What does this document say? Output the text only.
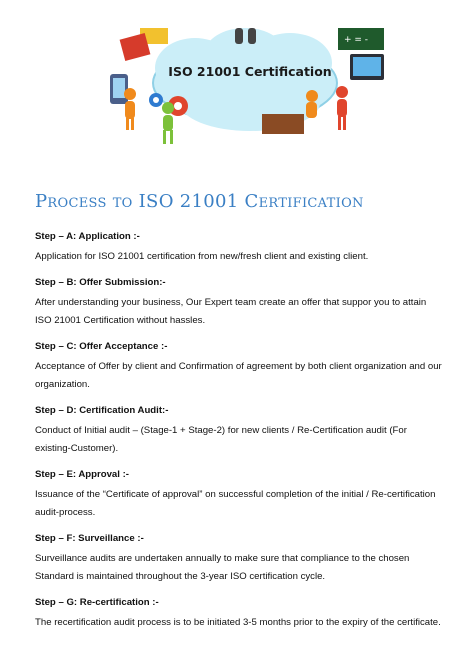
+ = -
ISO 21001 Certification
Process to ISO 21001 Certification

Step – A: Application :-

Application for ISO 21001 certification from new/fresh client and existing client.

Step – B: Offer Submission:-

After understanding your business, Our Expert team create an offer that suppor you to attain ISO 21001 Certification without hassles.

Step – C: Offer Acceptance :-

Acceptance of Offer by client and Confirmation of agreement by both client organization and our organization.

Step – D: Certification Audit:-

Conduct of Initial audit – (Stage-1 + Stage-2) for new clients / Re-Certification audit (For existing-Customer).

Step – E: Approval :-

Issuance of the “Certificate of approval” on successful completion of the initial / Re-certification audit-process.

Step – F: Surveillance :-

Surveillance audits are undertaken annually to make sure that compliance to the chosen Standard is maintained throughout the 3-year ISO certification cycle.

Step – G: Re-certification :-

The recertification audit process is to be initiated 3-5 months prior to the expiry of the certificate.
